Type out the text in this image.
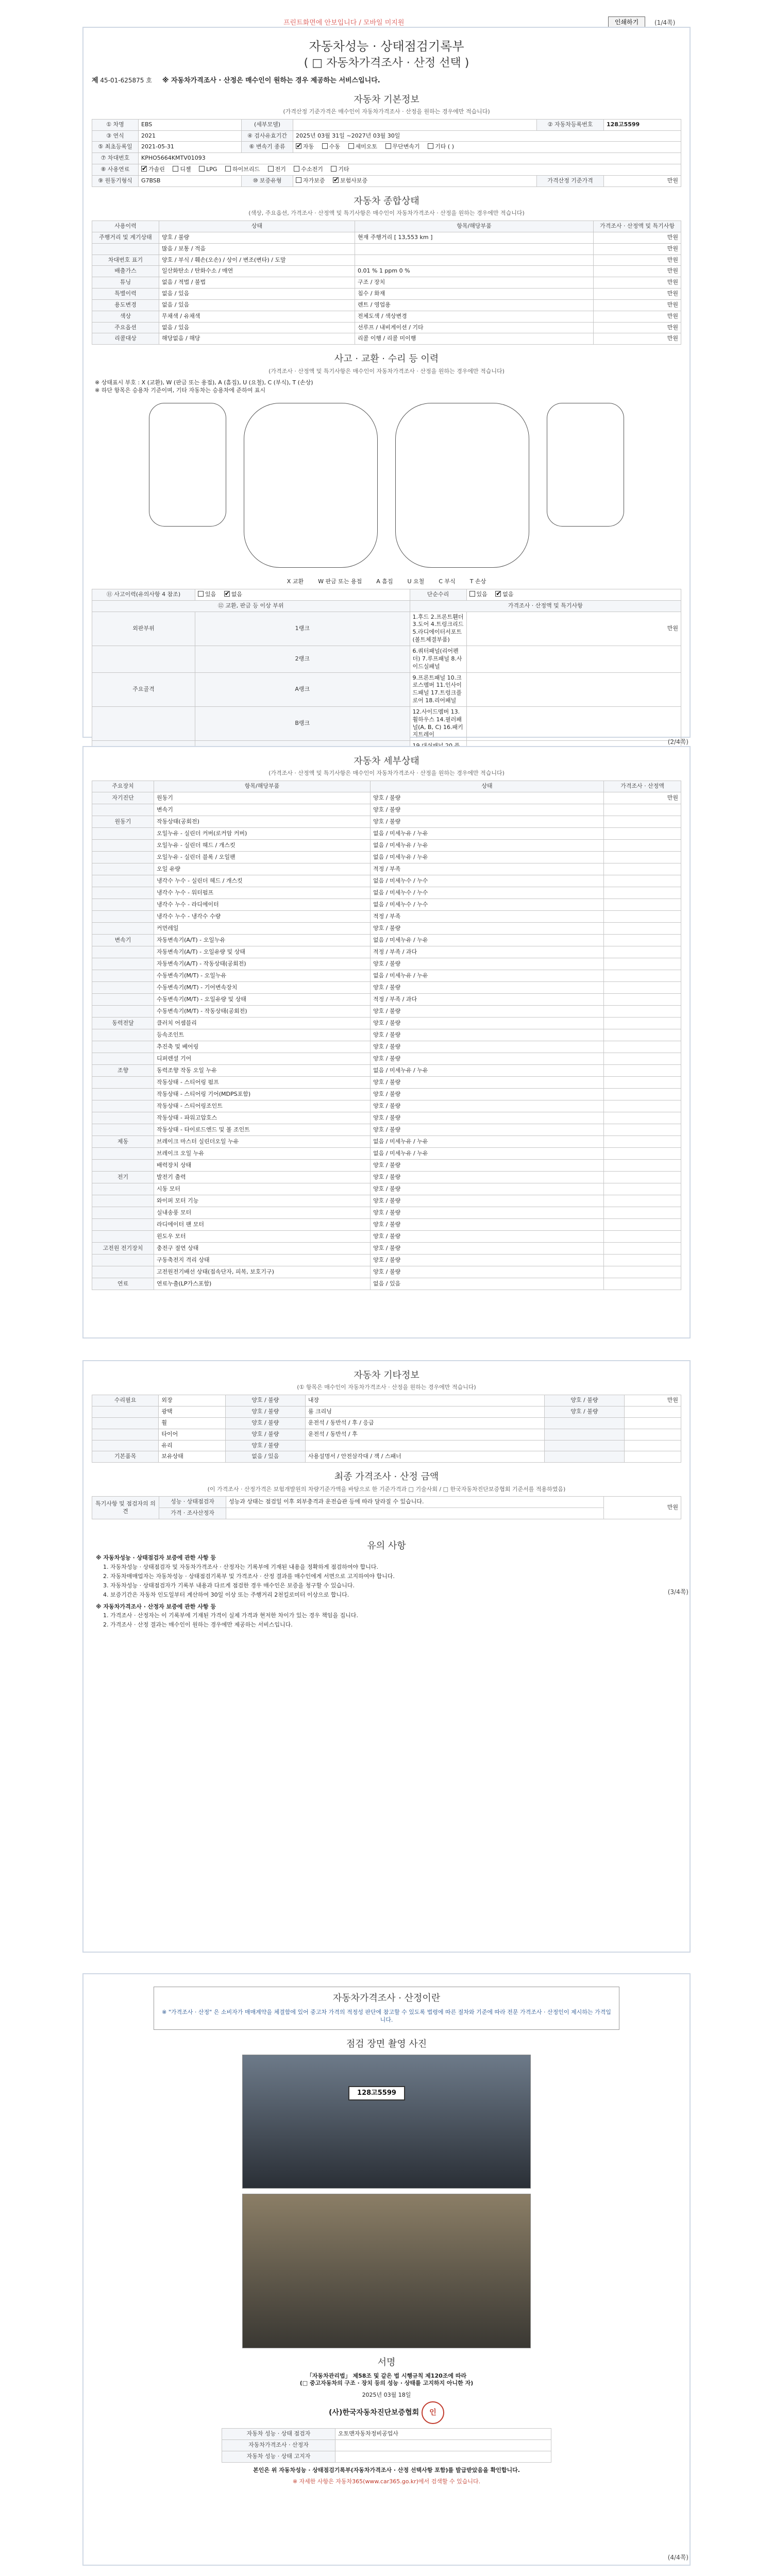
프린트화면에 안보입니다 / 모바일 미지원	인쇄하기	(1/4쪽)
자동차성능 · 상태점검기록부
( □ 자동차가격조사 · 산정 선택 )
제 45-01-625875 호 ※ 자동차가격조사 · 산정은 매수인이 원하는 경우 제공하는 서비스입니다.
자동차 기본정보
(가격산정 기준가격은 매수인이 자동차가격조사 · 산정을 원하는 경우에만 적습니다)
① 차명	EBS	(세부모델)		② 자동차등록번호	128고5599
③ 연식	2021	④ 검사유효기간	2025년 03월 31일 ~2027년 03월 30일		
⑤ 최초등록일	2021-05-31	⑥ 변속기 종류	✔자동 수동 세미오토 무단변속기 기타 ( )
⑦ 차대번호	KPHO5664KMTV01093				
⑧ 사용연료	✔가솔린 디젤 LPG 하이브리드 전기 수소전기 기타
⑨ 원동기형식	G7BSB	⑩ 보증유형	자가보증 ✔ 보험사보증	가격산정 기준가격	만원
자동차 종합상태
(색상, 주요옵션, 가격조사 · 산정액 및 특기사항은 매수인이 자동차가격조사 · 산정을 원하는 경우에만 적습니다)
사용이력	상태	항목/해당부품	가격조사 · 산정액 및 특기사항
주행거리 및 계기상태	양호 / 불량	현재 주행거리 [ 13,553 km ]	만원
	많음 / 보통 / 적음		만원
차대번호 표기	양호 / 부식 / 훼손(오손) / 상이 / 변조(변타) / 도말		만원
배출가스	일산화탄소 / 탄화수소 / 매연	0.01 % 1 ppm 0 %	만원
튜닝	없음 / 적법 / 불법	구조 / 장치	만원
특별이력	없음 / 있음	침수 / 화재	만원
용도변경	없음 / 있음	렌트 / 영업용	만원
색상	무채색 / 유채색	전체도색 / 색상변경	만원
주요옵션	없음 / 있음	선루프 / 내비게이션 / 기타	만원
리콜대상	해당없음 / 해당	리콜 이행 / 리콜 미이행	만원
사고 · 교환 · 수리 등 이력
(가격조사 · 산정액 및 특기사항은 매수인이 자동차가격조사 · 산정을 원하는 경우에만 적습니다)
※ 상태표시 부호 : X (교환), W (판금 또는 용접), A (흠집), U (요철), C (부식), T (손상)
※ 하단 항목은 승용차 기준이며, 기타 자동차는 승용차에 준하여 표시
X 교환	W 판금 또는 용접	A 흠집	U 요철	C 부식	T 손상
⑪ 사고이력(유의사항 4 참조)	있음 ✔ 없음	단순수리	있음 ✔ 없음
⑫ 교환, 판금 등 이상 부위		가격조사 · 산정액 및 특기사항	
외판부위	1랭크	1.후드 2.프론트휀더 3.도어 4.트렁크리드 5.라디에이터서포트(볼트체결부품)	만원
	2랭크	6.쿼터패널(리어펜더) 7.루프패널 8.사이드실패널	
주요골격	A랭크	9.프론트패널 10.크로스멤버 11.인사이드패널 17.트렁크플로어 18.리어패널	
	B랭크	12.사이드멤버 13.휠하우스 14.필러패널(A, B, C) 16.패키지트레이	

(2/4쪽)
자동차 세부상태
(가격조사 · 산정액 및 특기사항은 매수인이 자동차가격조사 · 산정을 원하는 경우에만 적습니다)
주요장치	항목/해당부품	상태	가격조사 · 산정액
자기진단	원동기	양호 / 불량	만원
	변속기	양호 / 불량	
원동기	작동상태(공회전)	양호 / 불량	
	오일누유 - 실린더 커버(로커암 커버)	없음 / 미세누유 / 누유	
	오일누유 - 실린더 헤드 / 개스킷	없음 / 미세누유 / 누유	
	오일누유 - 실린더 블록 / 오일팬	없음 / 미세누유 / 누유	
	오일 유량	적정 / 부족	
	냉각수 누수 - 실린더 헤드 / 개스킷	없음 / 미세누수 / 누수	
	냉각수 누수 - 워터펌프	없음 / 미세누수 / 누수	
	냉각수 누수 - 라디에이터	없음 / 미세누수 / 누수	
	냉각수 누수 - 냉각수 수량	적정 / 부족	
	커먼레일	양호 / 불량	
변속기	자동변속기(A/T) - 오일누유	없음 / 미세누유 / 누유	
	자동변속기(A/T) - 오일유량 및 상태	적정 / 부족 / 과다	
	자동변속기(A/T) - 작동상태(공회전)	양호 / 불량	
	수동변속기(M/T) - 오일누유	없음 / 미세누유 / 누유	
	수동변속기(M/T) - 기어변속장치	양호 / 불량	
	수동변속기(M/T) - 오일유량 및 상태	적정 / 부족 / 과다	
	수동변속기(M/T) - 작동상태(공회전)	양호 / 불량	
동력전달	클러치 어셈블리	양호 / 불량	
	등속조인트	양호 / 불량	
	추진축 및 베어링	양호 / 불량	
	디퍼렌셜 기어	양호 / 불량	
조향	동력조향 작동 오일 누유	없음 / 미세누유 / 누유	
	작동상태 - 스티어링 펌프	양호 / 불량	
	작동상태 - 스티어링 기어(MDPS포함)	양호 / 불량	
	작동상태 - 스티어링조인트	양호 / 불량	
	작동상태 - 파워고압호스	양호 / 불량	
	작동상태 - 타이로드엔드 및 볼 조인트	양호 / 불량	
제동	브레이크 마스터 실린더오일 누유	없음 / 미세누유 / 누유	
	브레이크 오일 누유	없음 / 미세누유 / 누유	
	배력장치 상태	양호 / 불량	
전기	발전기 출력	양호 / 불량	
	시동 모터	양호 / 불량	
	와이퍼 모터 기능	양호 / 불량	
	실내송풍 모터	양호 / 불량	
	라디에이터 팬 모터	양호 / 불량	
	윈도우 모터	양호 / 불량	
고전원 전기장치	충전구 절연 상태	양호 / 불량	
	구동축전지 격리 상태	양호 / 불량	
	고전원전기배선 상태(접속단자, 피복, 보호기구)	양호 / 불량	
연료	연료누출(LP가스포함)	없음 / 있음	
자동차 기타정보
(① 항목은 매수인이 자동차가격조사 · 산정을 원하는 경우에만 적습니다)
수리필요	외장	양호 / 불량	내장	양호 / 불량	만원
	광택	양호 / 불량	룸 크리닝	양호 / 불량	
	휠	양호 / 불량	운전석 / 동반석 / 후 / 응급		
	타이어	양호 / 불량	운전석 / 동반석 / 후		
	유리	양호 / 불량			
기본품목	보유상태	없음 / 있음	사용설명서 / 안전삼각대 / 잭 / 스패너		
최종 가격조사 · 산정 금액
(이 가격조사 · 산정가격은 보험개발원의 차량기준가액을 바탕으로 한 기준가격과 □ 기술사회 / □ 한국자동차진단보증협회 기준서를 적용하였음)
특기사항 및 점검자의 의견	성능 · 상태점검자	성능과 상태는 점검일 이후 외부충격과 운전습관 등에 따라 달라질 수 있습니다.	만원
	가격 · 조사산정자		
(3/4쪽)
유의 사항
※ 자동차성능 · 상태점검자 보증에 관한 사항 등
1. 자동차성능 · 상태점검자 및 자동차가격조사 · 산정자는 기록부에 기재된 내용을 정확하게 점검하여야 합니다.
2. 자동차매매업자는 자동차성능 · 상태점검기록부 및 가격조사 · 산정 결과를 매수인에게 서면으로 고지하여야 합니다.
3. 자동차성능 · 상태점검자가 기록부 내용과 다르게 점검한 경우 매수인은 보증을 청구할 수 있습니다.
4. 보증기간은 자동차 인도일부터 계산하여 30일 이상 또는 주행거리 2천킬로미터 이상으로 합니다.
※ 자동차가격조사 · 산정자 보증에 관한 사항 등
1. 가격조사 · 산정자는 이 기록부에 기재된 가격이 실제 가격과 현저한 차이가 있는 경우 책임을 집니다.
2. 가격조사 · 산정 결과는 매수인이 원하는 경우에만 제공하는 서비스입니다.
자동차가격조사 · 산정이란
※ "가격조사 · 산정" 은 소비자가 매매계약을 체결함에 있어 중고차 가격의 적정성 판단에 참고할 수 있도록 법령에 따른 절차와 기준에 따라 전문 가격조사 · 산정인이 제시하는 가격입니다.
점검 장면 촬영 사진
128고5599
서명
「자동차관리법」 제58조 및 같은 법 시행규칙 제120조에 따라
(□ 중고자동차의 구조 · 장치 등의 성능 · 상태를 고지하지 아니한 자)
2025년 03월 18일
(사)한국자동차진단보증협회 인
자동차 성능 · 상태 점검자	오토맨자동차정비공업사
자동차가격조사 · 산정자	
자동차 성능 · 상태 고지자	
본인은 위 자동차성능 · 상태점검기록부(자동차가격조사 · 산정 선택사항 포함)를 발급받았음을 확인합니다.
※ 자세한 사항은 자동차365(www.car365.go.kr)에서 검색할 수 있습니다.
(4/4쪽)
